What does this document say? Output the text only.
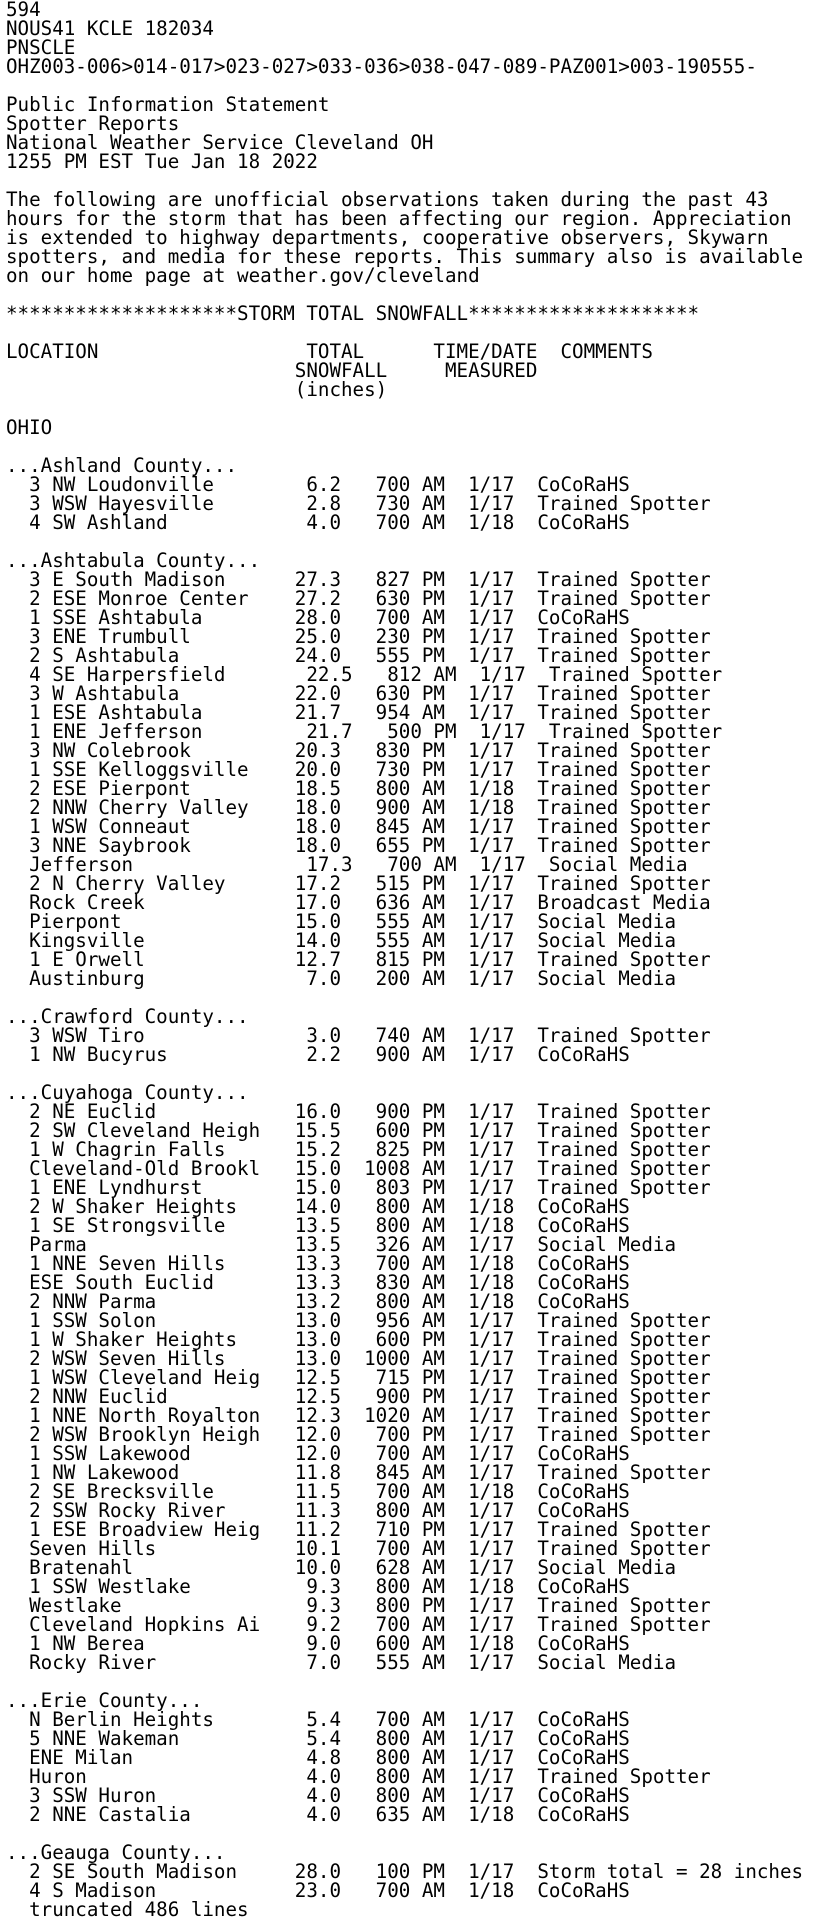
594
NOUS41 KCLE 182034
PNSCLE
OHZ003-006>014-017>023-027>033-036>038-047-089-PAZ001>003-190555-
Public Information Statement
Spotter Reports
National Weather Service Cleveland OH
1255 PM EST Tue Jan 18 2022
The following are unofficial observations taken during the past 43
hours for the storm that has been affecting our region. Appreciation
is extended to highway departments, cooperative observers, Skywarn
spotters, and media for these reports. This summary also is available
on our home page at weather.gov/cleveland
********************STORM TOTAL SNOWFALL********************
LOCATION                  TOTAL      TIME/DATE  COMMENTS
SNOWFALL     MEASURED
(inches)
OHIO
...Ashland County...
3 NW Loudonville        6.2   700 AM  1/17  CoCoRaHS
3 WSW Hayesville        2.8   730 AM  1/17  Trained Spotter
4 SW Ashland            4.0   700 AM  1/18  CoCoRaHS
...Ashtabula County...
3 E South Madison      27.3   827 PM  1/17  Trained Spotter
2 ESE Monroe Center    27.2   630 PM  1/17  Trained Spotter
1 SSE Ashtabula        28.0   700 AM  1/17  CoCoRaHS
3 ENE Trumbull         25.0   230 PM  1/17  Trained Spotter
2 S Ashtabula          24.0   555 PM  1/17  Trained Spotter
4 SE Harpersfield       22.5   812 AM  1/17  Trained Spotter
3 W Ashtabula          22.0   630 PM  1/17  Trained Spotter
1 ESE Ashtabula        21.7   954 AM  1/17  Trained Spotter
1 ENE Jefferson         21.7   500 PM  1/17  Trained Spotter
3 NW Colebrook         20.3   830 PM  1/17  Trained Spotter
1 SSE Kelloggsville    20.0   730 PM  1/17  Trained Spotter
2 ESE Pierpont         18.5   800 AM  1/18  Trained Spotter
2 NNW Cherry Valley    18.0   900 AM  1/18  Trained Spotter
1 WSW Conneaut         18.0   845 AM  1/17  Trained Spotter
3 NNE Saybrook         18.0   655 PM  1/17  Trained Spotter
Jefferson               17.3   700 AM  1/17  Social Media
2 N Cherry Valley      17.2   515 PM  1/17  Trained Spotter
Rock Creek             17.0   636 AM  1/17  Broadcast Media
Pierpont               15.0   555 AM  1/17  Social Media
Kingsville             14.0   555 AM  1/17  Social Media
1 E Orwell             12.7   815 PM  1/17  Trained Spotter
Austinburg              7.0   200 AM  1/17  Social Media
...Crawford County...
3 WSW Tiro              3.0   740 AM  1/17  Trained Spotter
1 NW Bucyrus            2.2   900 AM  1/17  CoCoRaHS
...Cuyahoga County...
2 NE Euclid            16.0   900 PM  1/17  Trained Spotter
2 SW Cleveland Heigh   15.5   600 PM  1/17  Trained Spotter
1 W Chagrin Falls      15.2   825 PM  1/17  Trained Spotter
Cleveland-Old Brookl   15.0  1008 AM  1/17  Trained Spotter
1 ENE Lyndhurst        15.0   803 PM  1/17  Trained Spotter
2 W Shaker Heights     14.0   800 AM  1/18  CoCoRaHS
1 SE Strongsville      13.5   800 AM  1/18  CoCoRaHS
Parma                  13.5   326 AM  1/17  Social Media
1 NNE Seven Hills      13.3   700 AM  1/18  CoCoRaHS
ESE South Euclid       13.3   830 AM  1/18  CoCoRaHS
2 NNW Parma            13.2   800 AM  1/18  CoCoRaHS
1 SSW Solon            13.0   956 AM  1/17  Trained Spotter
1 W Shaker Heights     13.0   600 PM  1/17  Trained Spotter
2 WSW Seven Hills      13.0  1000 AM  1/17  Trained Spotter
1 WSW Cleveland Heig   12.5   715 PM  1/17  Trained Spotter
2 NNW Euclid           12.5   900 PM  1/17  Trained Spotter
1 NNE North Royalton   12.3  1020 AM  1/17  Trained Spotter
2 WSW Brooklyn Heigh   12.0   700 PM  1/17  Trained Spotter
1 SSW Lakewood         12.0   700 AM  1/17  CoCoRaHS
1 NW Lakewood          11.8   845 AM  1/17  Trained Spotter
2 SE Brecksville       11.5   700 AM  1/18  CoCoRaHS
2 SSW Rocky River      11.3   800 AM  1/17  CoCoRaHS
1 ESE Broadview Heig   11.2   710 PM  1/17  Trained Spotter
Seven Hills            10.1   700 AM  1/17  Trained Spotter
Bratenahl              10.0   628 AM  1/17  Social Media
1 SSW Westlake          9.3   800 AM  1/18  CoCoRaHS
Westlake                9.3   800 PM  1/17  Trained Spotter
Cleveland Hopkins Ai    9.2   700 AM  1/17  Trained Spotter
1 NW Berea              9.0   600 AM  1/18  CoCoRaHS
Rocky River             7.0   555 AM  1/17  Social Media
...Erie County...
N Berlin Heights        5.4   700 AM  1/17  CoCoRaHS
5 NNE Wakeman           5.4   800 AM  1/17  CoCoRaHS
ENE Milan               4.8   800 AM  1/17  CoCoRaHS
Huron                   4.0   800 AM  1/17  Trained Spotter
3 SSW Huron             4.0   800 AM  1/17  CoCoRaHS
2 NNE Castalia          4.0   635 AM  1/18  CoCoRaHS
...Geauga County...
2 SE South Madison     28.0   100 PM  1/17  Storm total = 28 inches
4 S Madison            23.0   700 AM  1/18  CoCoRaHS
truncated 486 lines
